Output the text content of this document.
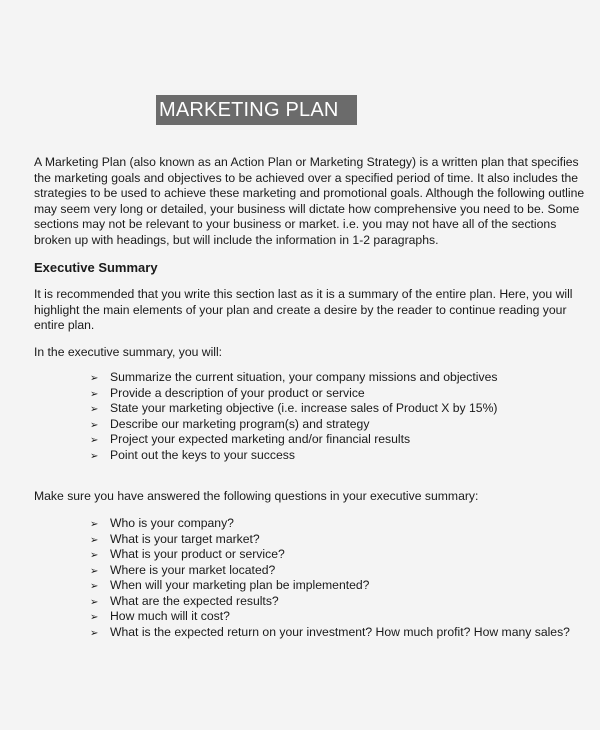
MARKETING PLAN
A Marketing Plan (also known as an Action Plan or Marketing Strategy) is a written plan that specifies
the marketing goals and objectives to be achieved over a specified period of time. It also includes the
strategies to be used to achieve these marketing and promotional goals. Although the following outline
may seem very long or detailed, your business will dictate how comprehensive you need to be. Some
sections may not be relevant to your business or market. i.e. you may not have all of the sections
broken up with headings, but will include the information in 1-2 paragraphs.
Executive Summary
It is recommended that you write this section last as it is a summary of the entire plan. Here, you will
highlight the main elements of your plan and create a desire by the reader to continue reading your
entire plan.
In the executive summary, you will:
➢ Summarize the current situation, your company missions and objectives
➢ Provide a description of your product or service
➢ State your marketing objective (i.e. increase sales of Product X by 15%)
➢ Describe our marketing program(s) and strategy
➢ Project your expected marketing and/or financial results
➢ Point out the keys to your success
Make sure you have answered the following questions in your executive summary:
➢ Who is your company?
➢ What is your target market?
➢ What is your product or service?
➢ Where is your market located?
➢ When will your marketing plan be implemented?
➢ What are the expected results?
➢ How much will it cost?
➢ What is the expected return on your investment? How much profit? How many sales?
